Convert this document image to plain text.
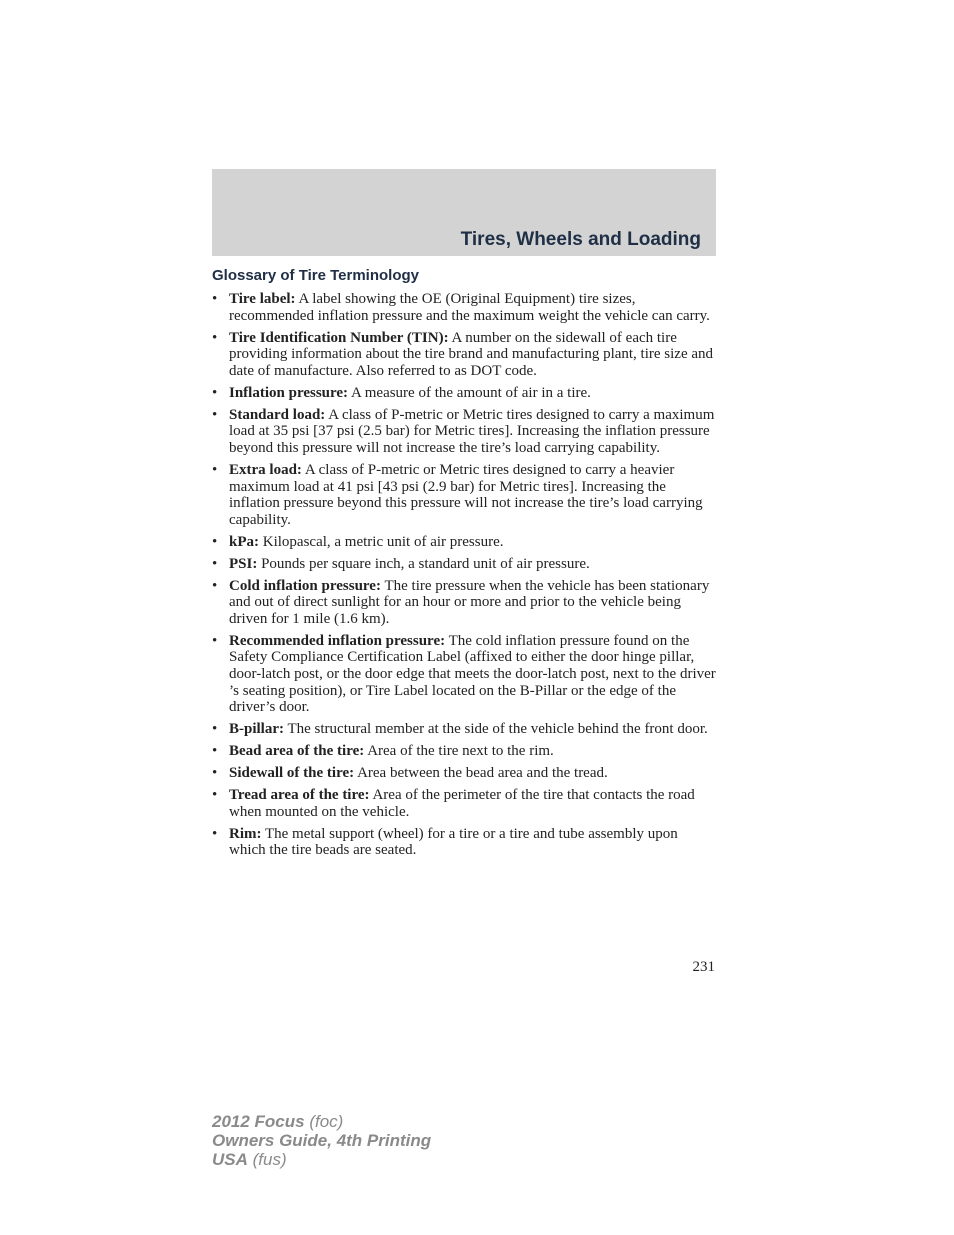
Tires, Wheels and Loading
Glossary of Tire Terminology
• Tire label: A label showing the OE (Original Equipment) tire sizes, recommended inflation pressure and the maximum weight the vehicle can carry.
• Tire Identification Number (TIN): A number on the sidewall of each tire providing information about the tire brand and manufacturing plant, tire size and date of manufacture. Also referred to as DOT code.
• Inflation pressure: A measure of the amount of air in a tire.
• Standard load: A class of P-metric or Metric tires designed to carry a maximum load at 35 psi [37 psi (2.5 bar) for Metric tires]. Increasing the inflation pressure beyond this pressure will not increase the tire’s load carrying capability.
• Extra load: A class of P-metric or Metric tires designed to carry a heavier maximum load at 41 psi [43 psi (2.9 bar) for Metric tires]. Increasing the inflation pressure beyond this pressure will not increase the tire’s load carrying capability.
• kPa: Kilopascal, a metric unit of air pressure.
• PSI: Pounds per square inch, a standard unit of air pressure.
• Cold inflation pressure: The tire pressure when the vehicle has been stationary and out of direct sunlight for an hour or more and prior to the vehicle being driven for 1 mile (1.6 km).
• Recommended inflation pressure: The cold inflation pressure found on the Safety Compliance Certification Label (affixed to either the door hinge pillar, door-latch post, or the door edge that meets the door-latch post, next to the driver ’s seating position), or Tire Label located on the B-Pillar or the edge of the driver’s door.
• B-pillar: The structural member at the side of the vehicle behind the front door.
• Bead area of the tire: Area of the tire next to the rim.
• Sidewall of the tire: Area between the bead area and the tread.
• Tread area of the tire: Area of the perimeter of the tire that contacts the road when mounted on the vehicle.
• Rim: The metal support (wheel) for a tire or a tire and tube assembly upon which the tire beads are seated.
231
2012 Focus (foc)
Owners Guide, 4th Printing
USA (fus)
